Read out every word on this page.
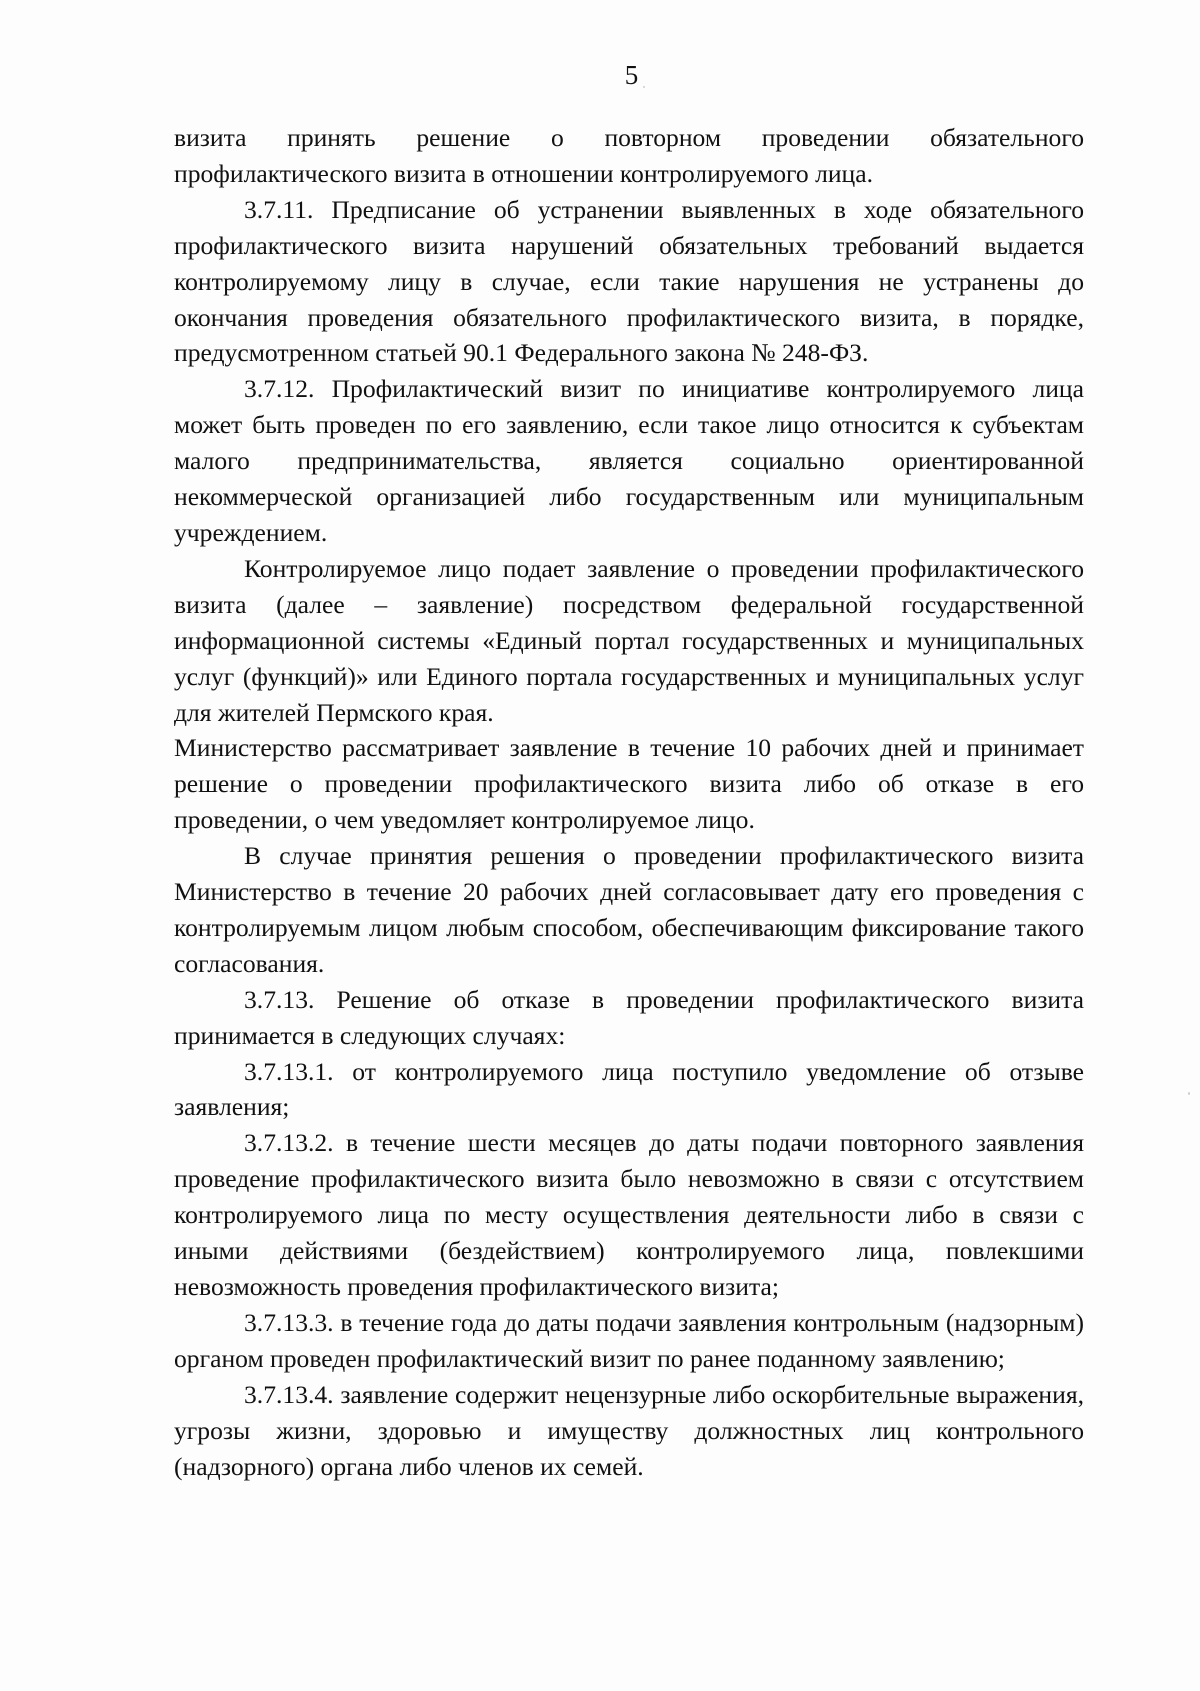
5

визита принять решение о повторном проведении обязательного профилактического визита в отношении контролируемого лица.

3.7.11. Предписание об устранении выявленных в ходе обязательного профилактического визита нарушений обязательных требований выдается контролируемому лицу в случае, если такие нарушения не устранены до окончания проведения обязательного профилактического визита, в порядке, предусмотренном статьей 90.1 Федерального закона № 248-ФЗ.

3.7.12. Профилактический визит по инициативе контролируемого лица может быть проведен по его заявлению, если такое лицо относится к субъектам малого предпринимательства, является социально ориентированной некоммерческой организацией либо государственным или муниципальным учреждением.

Контролируемое лицо подает заявление о проведении профилактического визита (далее – заявление) посредством федеральной государственной информационной системы «Единый портал государственных и муниципальных услуг (функций)» или Единого портала государственных и муниципальных услуг для жителей Пермского края.

Министерство рассматривает заявление в течение 10 рабочих дней и принимает решение о проведении профилактического визита либо об отказе в его проведении, о чем уведомляет контролируемое лицо.

В случае принятия решения о проведении профилактического визита Министерство в течение 20 рабочих дней согласовывает дату его проведения с контролируемым лицом любым способом, обеспечивающим фиксирование такого согласования.

3.7.13. Решение об отказе в проведении профилактического визита принимается в следующих случаях:

3.7.13.1. от контролируемого лица поступило уведомление об отзыве заявления;

3.7.13.2. в течение шести месяцев до даты подачи повторного заявления проведение профилактического визита было невозможно в связи с отсутствием контролируемого лица по месту осуществления деятельности либо в связи с иными действиями (бездействием) контролируемого лица, повлекшими невозможность проведения профилактического визита;

3.7.13.3. в течение года до даты подачи заявления контрольным (надзорным) органом проведен профилактический визит по ранее поданному заявлению;

3.7.13.4. заявление содержит нецензурные либо оскорбительные выражения, угрозы жизни, здоровью и имуществу должностных лиц контрольного (надзорного) органа либо членов их семей.
